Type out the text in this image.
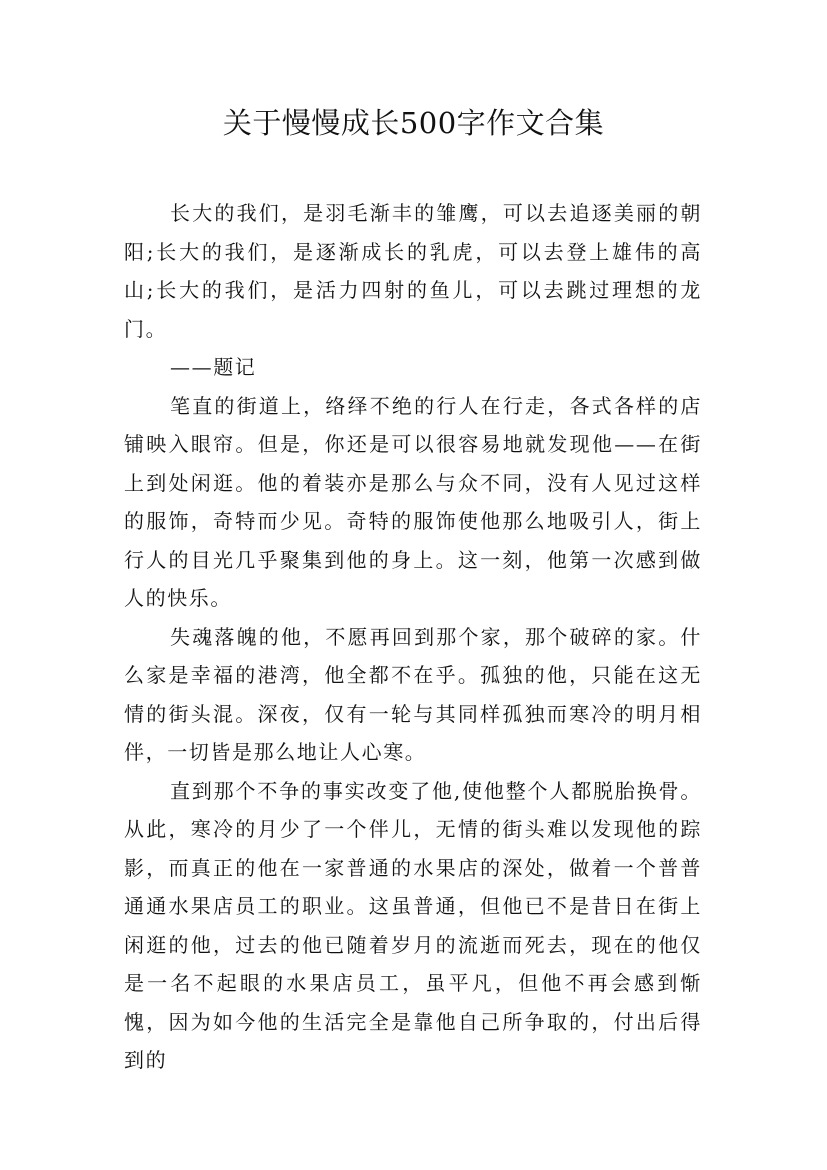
关于慢慢成长500字作文合集

长大的我们，是羽毛渐丰的雏鹰，可以去追逐美丽的朝阳;长大的我们，是逐渐成长的乳虎，可以去登上雄伟的高山;长大的我们，是活力四射的鱼儿，可以去跳过理想的龙门。

——题记

笔直的街道上，络绎不绝的行人在行走，各式各样的店铺映入眼帘。但是，你还是可以很容易地就发现他——在街上到处闲逛。他的着装亦是那么与众不同，没有人见过这样的服饰，奇特而少见。奇特的服饰使他那么地吸引人，街上行人的目光几乎聚集到他的身上。这一刻，他第一次感到做人的快乐。

失魂落魄的他，不愿再回到那个家，那个破碎的家。什么家是幸福的港湾，他全都不在乎。孤独的他，只能在这无情的街头混。深夜，仅有一轮与其同样孤独而寒冷的明月相伴，一切皆是那么地让人心寒。

直到那个不争的事实改变了他,使他整个人都脱胎换骨。从此，寒冷的月少了一个伴儿，无情的街头难以发现他的踪影，而真正的他在一家普通的水果店的深处，做着一个普普通通水果店员工的职业。这虽普通，但他已不是昔日在街上闲逛的他，过去的他已随着岁月的流逝而死去，现在的他仅是一名不起眼的水果店员工，虽平凡，但他不再会感到惭愧，因为如今他的生活完全是靠他自己所争取的，付出后得到的
